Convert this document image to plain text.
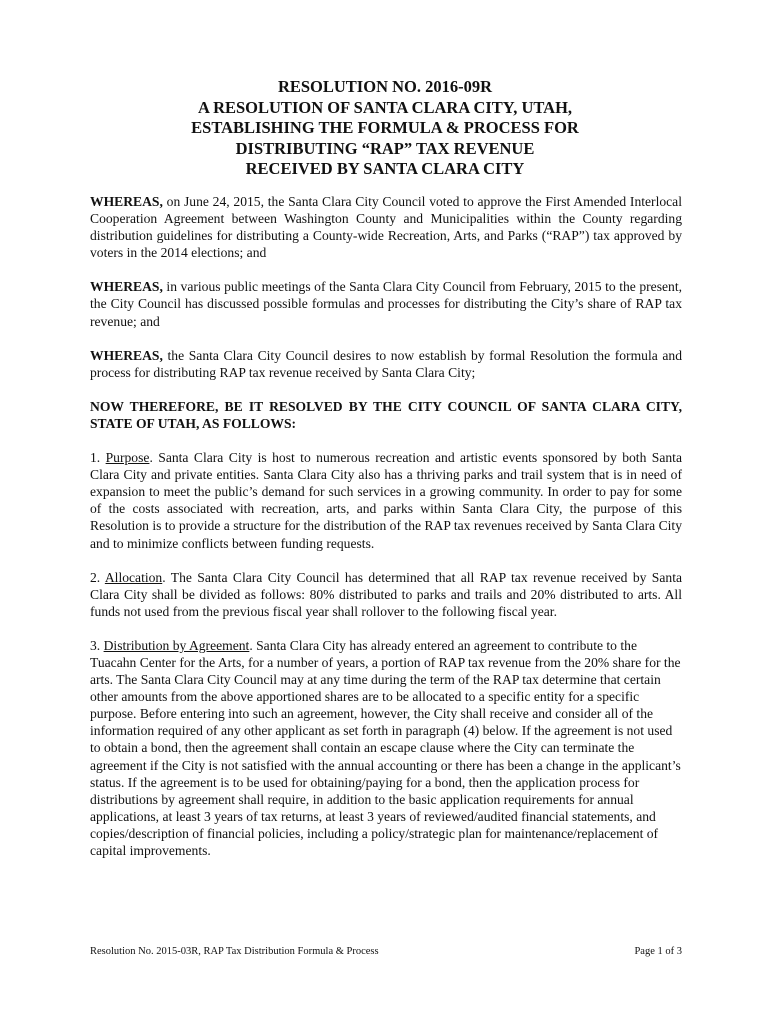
RESOLUTION NO. 2016-09R
A RESOLUTION OF SANTA CLARA CITY, UTAH,
ESTABLISHING THE FORMULA & PROCESS FOR
DISTRIBUTING “RAP” TAX REVENUE
RECEIVED BY SANTA CLARA CITY

WHEREAS, on June 24, 2015, the Santa Clara City Council voted to approve the First Amended Interlocal Cooperation Agreement between Washington County and Municipalities within the County regarding distribution guidelines for distributing a County-wide Recreation, Arts, and Parks (“RAP”) tax approved by voters in the 2014 elections; and

WHEREAS, in various public meetings of the Santa Clara City Council from February, 2015 to the present, the City Council has discussed possible formulas and processes for distributing the City’s share of RAP tax revenue; and

WHEREAS, the Santa Clara City Council desires to now establish by formal Resolution the formula and process for distributing RAP tax revenue received by Santa Clara City;

NOW THEREFORE, BE IT RESOLVED BY THE CITY COUNCIL OF SANTA CLARA CITY, STATE OF UTAH, AS FOLLOWS:

1. Purpose. Santa Clara City is host to numerous recreation and artistic events sponsored by both Santa Clara City and private entities. Santa Clara City also has a thriving parks and trail system that is in need of expansion to meet the public’s demand for such services in a growing community. In order to pay for some of the costs associated with recreation, arts, and parks within Santa Clara City, the purpose of this Resolution is to provide a structure for the distribution of the RAP tax revenues received by Santa Clara City and to minimize conflicts between funding requests.

2. Allocation. The Santa Clara City Council has determined that all RAP tax revenue received by Santa Clara City shall be divided as follows: 80% distributed to parks and trails and 20% distributed to arts. All funds not used from the previous fiscal year shall rollover to the following fiscal year.

3. Distribution by Agreement. Santa Clara City has already entered an agreement to contribute to the Tuacahn Center for the Arts, for a number of years, a portion of RAP tax revenue from the 20% share for the arts. The Santa Clara City Council may at any time during the term of the RAP tax determine that certain other amounts from the above apportioned shares are to be allocated to a specific entity for a specific purpose. Before entering into such an agreement, however, the City shall receive and consider all of the information required of any other applicant as set forth in paragraph (4) below. If the agreement is not used to obtain a bond, then the agreement shall contain an escape clause where the City can terminate the agreement if the City is not satisfied with the annual accounting or there has been a change in the applicant’s status. If the agreement is to be used for obtaining/paying for a bond, then the application process for distributions by agreement shall require, in addition to the basic application requirements for annual applications, at least 3 years of tax returns, at least 3 years of reviewed/audited financial statements, and copies/description of financial policies, including a policy/strategic plan for maintenance/replacement of capital improvements.

Resolution No. 2015-03R, RAP Tax Distribution Formula & Process	Page 1 of 3
